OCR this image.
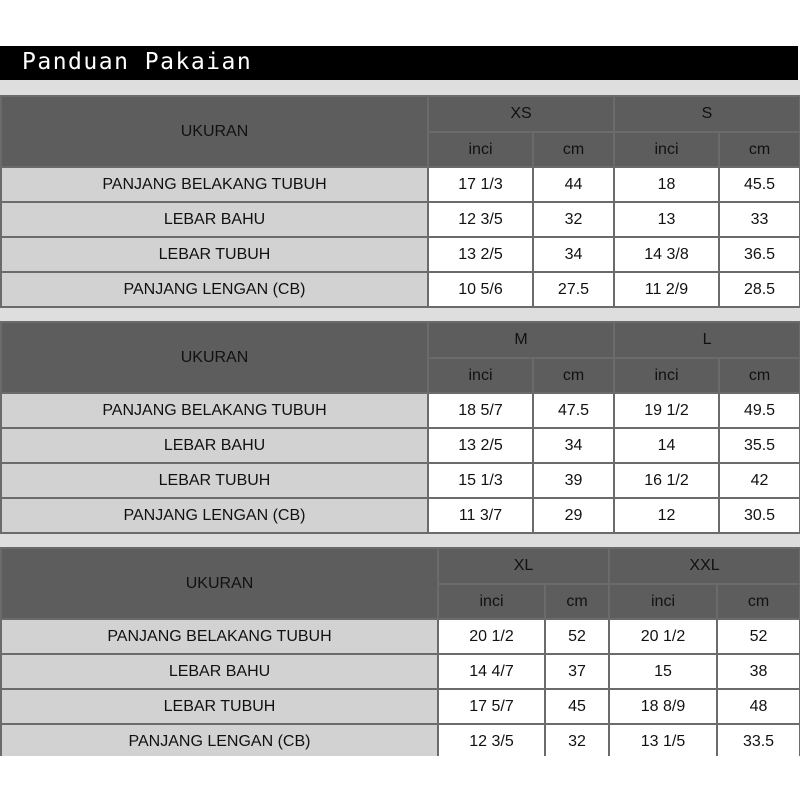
Panduan Pakaian
UKURAN	XS		S	
	inci	cm	inci	cm
PANJANG BELAKANG TUBUH	17 1/3	44	18	45.5
LEBAR BAHU	12 3/5	32	13	33
LEBAR TUBUH	13 2/5	34	14 3/8	36.5
PANJANG LENGAN (CB)	10 5/6	27.5	11 2/9	28.5
UKURAN	M		L	
	inci	cm	inci	cm
PANJANG BELAKANG TUBUH	18 5/7	47.5	19 1/2	49.5
LEBAR BAHU	13 2/5	34	14	35.5
LEBAR TUBUH	15 1/3	39	16 1/2	42
PANJANG LENGAN (CB)	11 3/7	29	12	30.5
UKURAN	XL		XXL	
	inci	cm	inci	cm
PANJANG BELAKANG TUBUH	20 1/2	52	20 1/2	52
LEBAR BAHU	14 4/7	37	15	38
LEBAR TUBUH	17 5/7	45	18 8/9	48
PANJANG LENGAN (CB)	12 3/5	32	13 1/5	33.5
